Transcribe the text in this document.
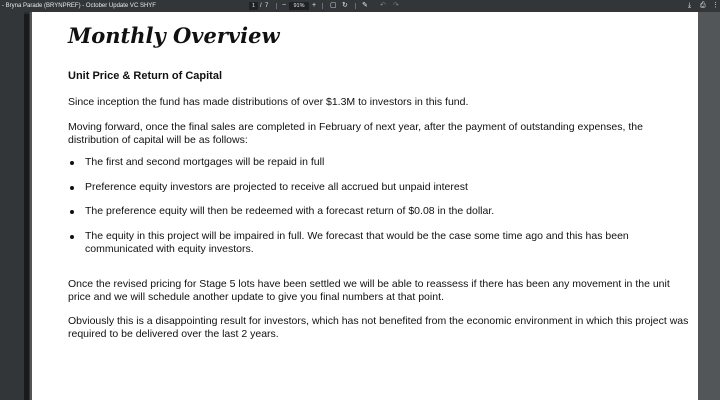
- Bryna Parade (BRYNPREF) - October Update VC SHYF	1 / 7 −	91%	+ ▢ ↻ ✎ ↶ ↷	⤓ ⎙ ⋮
Monthly Overview
Unit Price & Return of Capital
Since inception the fund has made distributions of over $1.3M to investors in this fund.
Moving forward, once the final sales are completed in February of next year, after the payment of outstanding expenses, the distribution of capital will be as follows:
The first and second mortgages will be repaid in full
Preference equity investors are projected to receive all accrued but unpaid interest
The preference equity will then be redeemed with a forecast return of $0.08 in the dollar.
The equity in this project will be impaired in full. We forecast that would be the case some time ago and this has been communicated with equity investors.
Once the revised pricing for Stage 5 lots have been settled we will be able to reassess if there has been any movement in the unit price and we will schedule another update to give you final numbers at that point.
Obviously this is a disappointing result for investors, which has not benefited from the economic environment in which this project was required to be delivered over the last 2 years.
